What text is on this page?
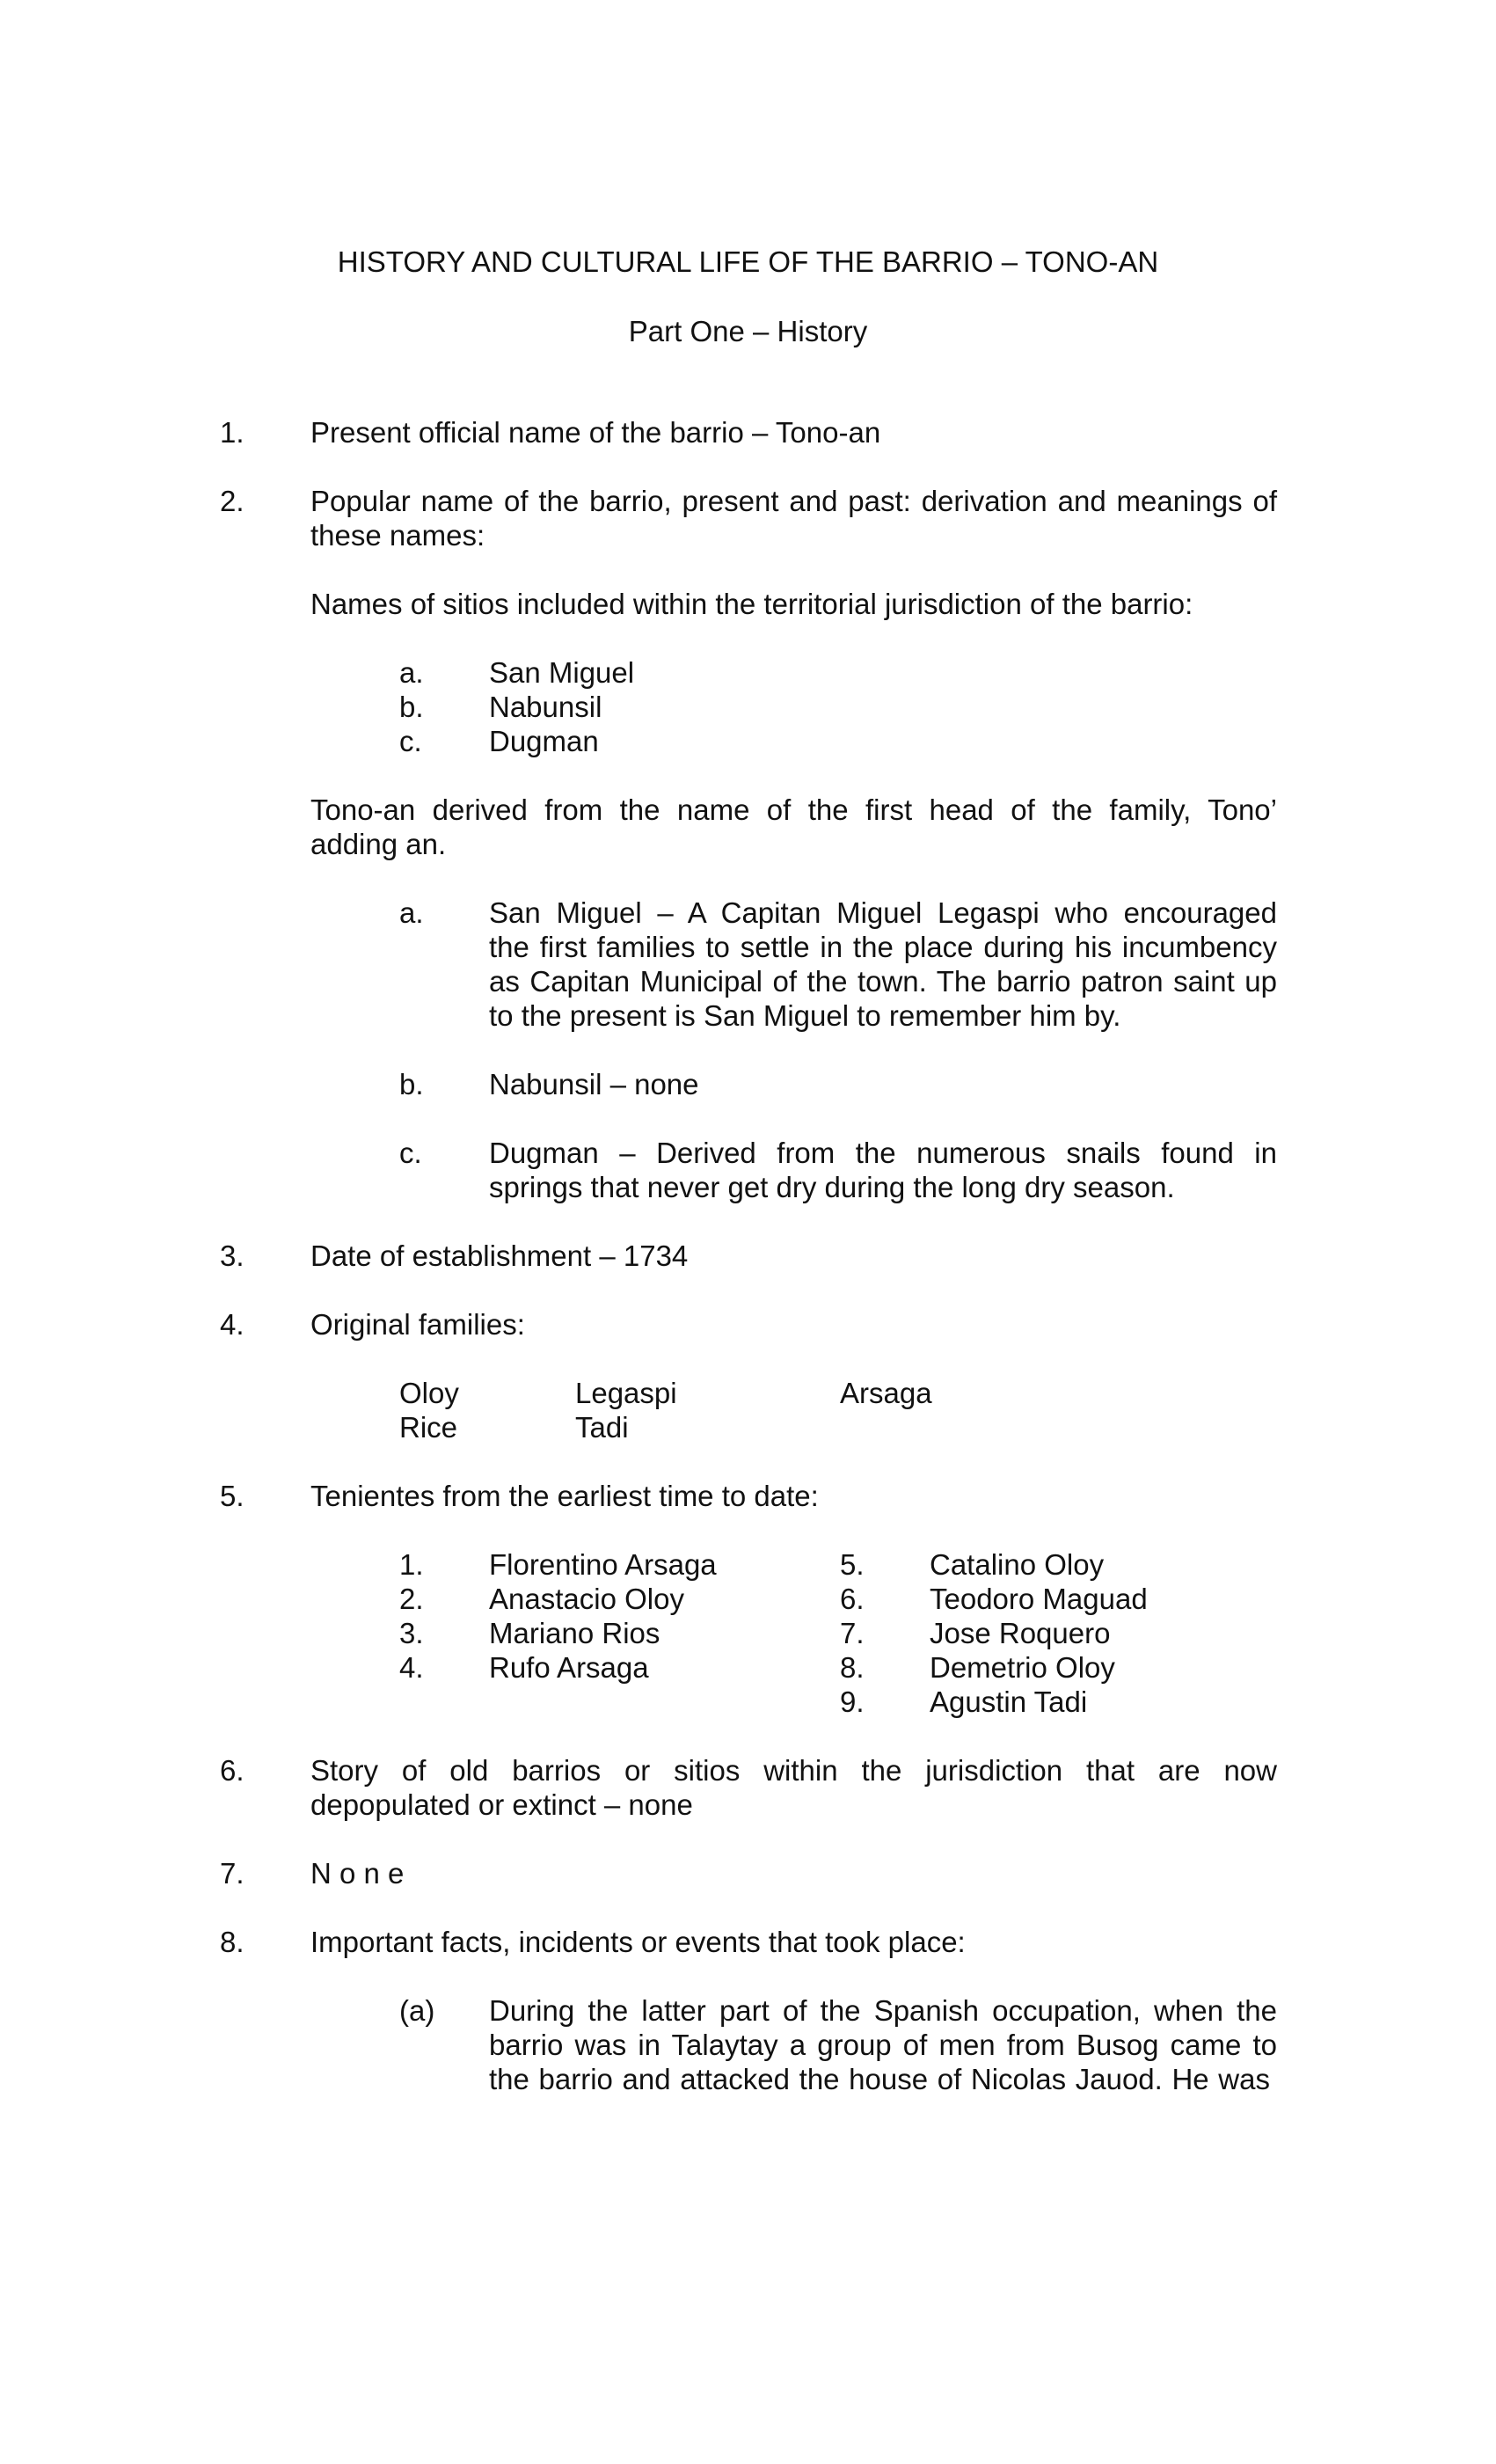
HISTORY AND CULTURAL LIFE OF THE BARRIO – TONO-AN
Part One – History
1. Present official name of the barrio – Tono-an
2. Popular name of the barrio, present and past: derivation and meanings of
these names:
Names of sitios included within the territorial jurisdiction of the barrio:
a. San Miguel
b. Nabunsil
c. Dugman
Tono-an derived from the name of the first head of the family, Tono’
adding an.
a. San Miguel – A Capitan Miguel Legaspi who encouraged
the first families to settle in the place during his incumbency
as Capitan Municipal of the town. The barrio patron saint up
to the present is San Miguel to remember him by.
b. Nabunsil – none
c. Dugman – Derived from the numerous snails found in
springs that never get dry during the long dry season.
3. Date of establishment – 1734
4. Original families:
Oloy	Legaspi	Arsaga
Rice	Tadi
5. Tenientes from the earliest time to date:
1. Florentino Arsaga
2. Anastacio Oloy
3. Mariano Rios
4. Rufo Arsaga
5. Catalino Oloy
6. Teodoro Maguad
7. Jose Roquero
8. Demetrio Oloy
9. Agustin Tadi
6. Story of old barrios or sitios within the jurisdiction that are now
depopulated or extinct – none
7. N o n e
8. Important facts, incidents or events that took place:
(a) During the latter part of the Spanish occupation, when the
barrio was in Talaytay a group of men from Busog came to
the barrio and attacked the house of Nicolas Jauod. He was
